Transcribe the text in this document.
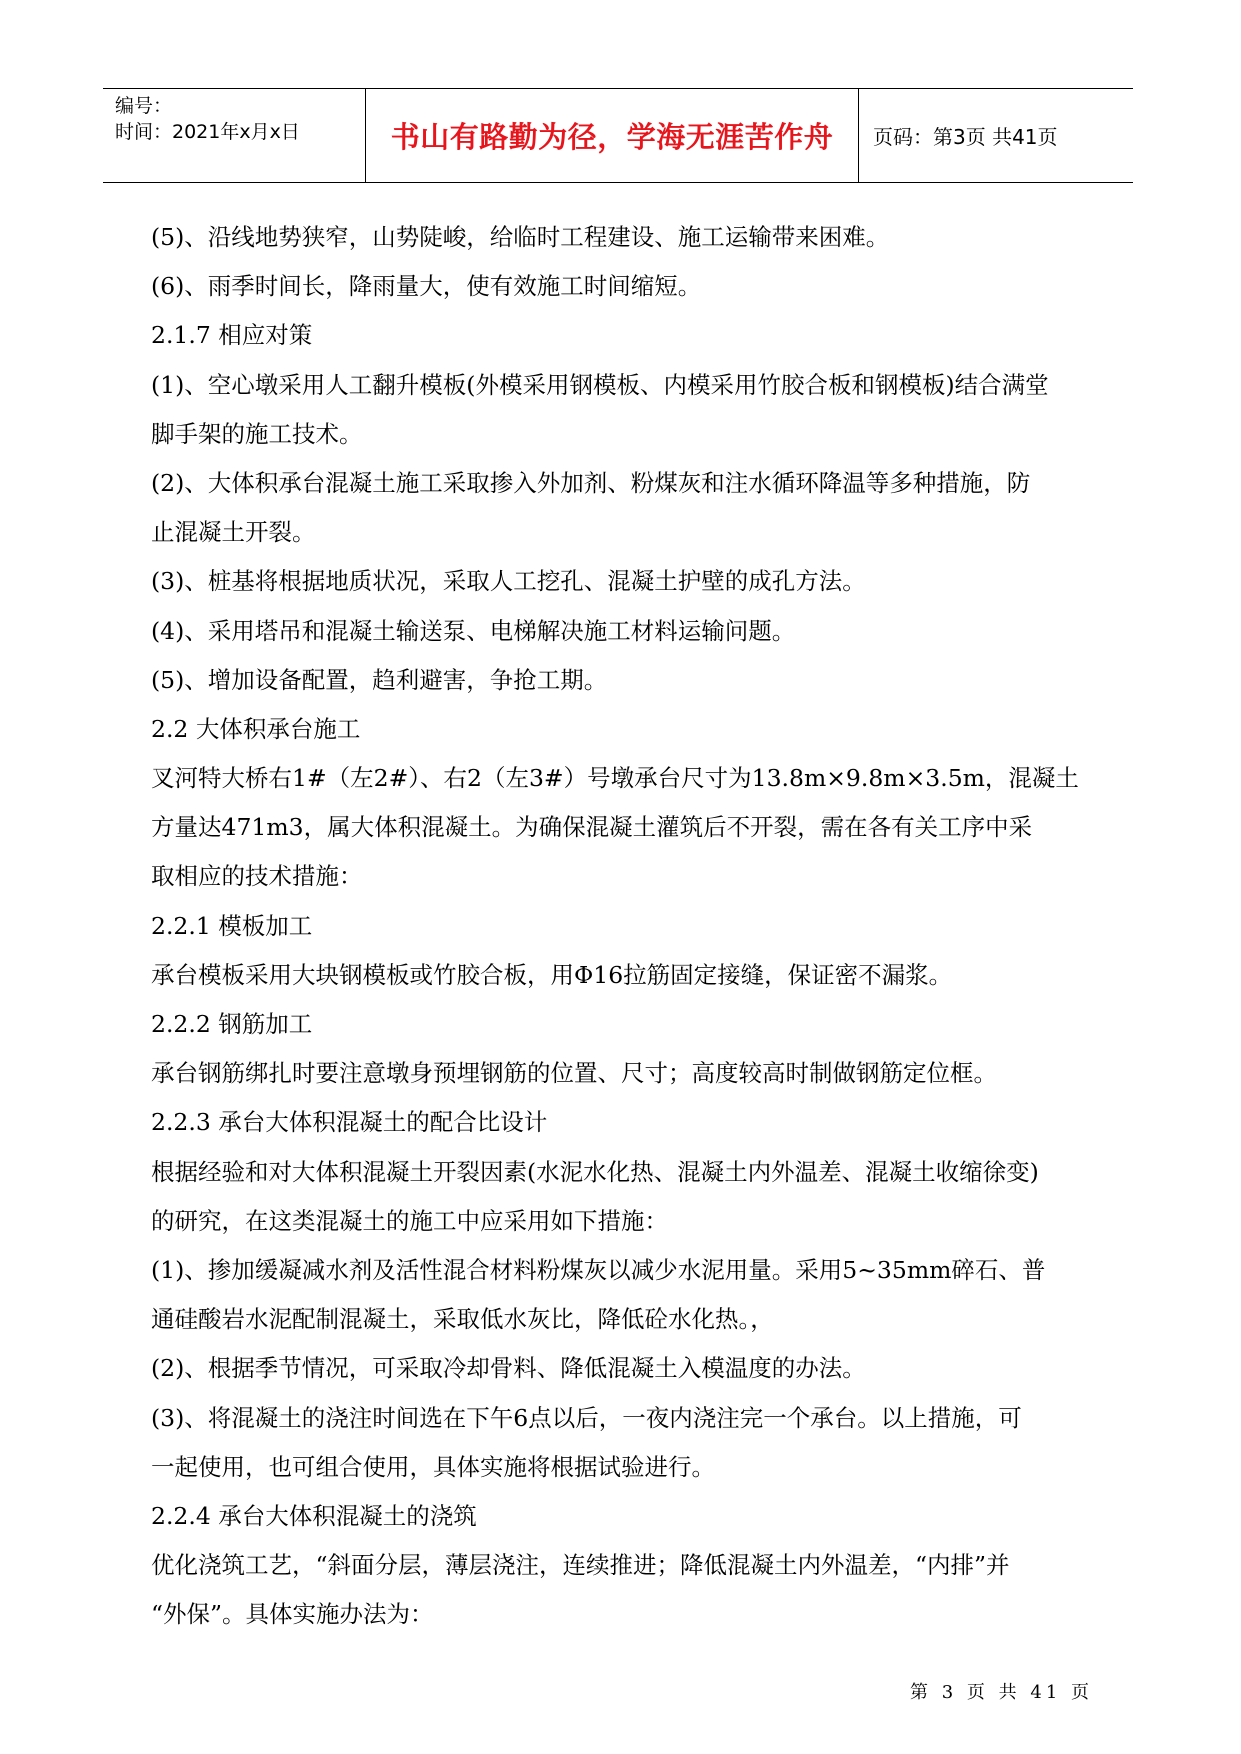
编号：
时间：2021年x月x日	书山有路勤为径，学海无涯苦作舟	页码：第3页 共41页
(5)、沿线地势狭窄，山势陡峻，给临时工程建设、施工运输带来困难。
(6)、雨季时间长，降雨量大，使有效施工时间缩短。
2.1.7 相应对策
(1)、空心墩采用人工翻升模板(外模采用钢模板、内模采用竹胶合板和钢模板)结合满堂
脚手架的施工技术。
(2)、大体积承台混凝土施工采取掺入外加剂、粉煤灰和注水循环降温等多种措施，防
止混凝土开裂。
(3)、桩基将根据地质状况，采取人工挖孔、混凝土护壁的成孔方法。
(4)、采用塔吊和混凝土输送泵、电梯解决施工材料运输问题。
(5)、增加设备配置，趋利避害，争抢工期。
2.2 大体积承台施工
叉河特大桥右1#（左2#）、右2（左3#）号墩承台尺寸为13.8m×9.8m×3.5m，混凝土
方量达471m3，属大体积混凝土。为确保混凝土灌筑后不开裂，需在各有关工序中采
取相应的技术措施：
2.2.1 模板加工
承台模板采用大块钢模板或竹胶合板，用Φ16拉筋固定接缝，保证密不漏浆。
2.2.2 钢筋加工
承台钢筋绑扎时要注意墩身预埋钢筋的位置、尺寸；高度较高时制做钢筋定位框。
2.2.3 承台大体积混凝土的配合比设计
根据经验和对大体积混凝土开裂因素(水泥水化热、混凝土内外温差、混凝土收缩徐变)
的研究，在这类混凝土的施工中应采用如下措施：
(1)、掺加缓凝减水剂及活性混合材料粉煤灰以减少水泥用量。采用5~35mm碎石、普
通硅酸岩水泥配制混凝土，采取低水灰比，降低砼水化热。，
(2)、根据季节情况，可采取冷却骨料、降低混凝土入模温度的办法。
(3)、将混凝土的浇注时间选在下午6点以后，一夜内浇注完一个承台。以上措施，可
一起使用，也可组合使用，具体实施将根据试验进行。
2.2.4 承台大体积混凝土的浇筑
优化浇筑工艺，“斜面分层，薄层浇注，连续推进；降低混凝土内外温差，“内排”并
“外保”。具体实施办法为：
第 3 页 共 41 页
